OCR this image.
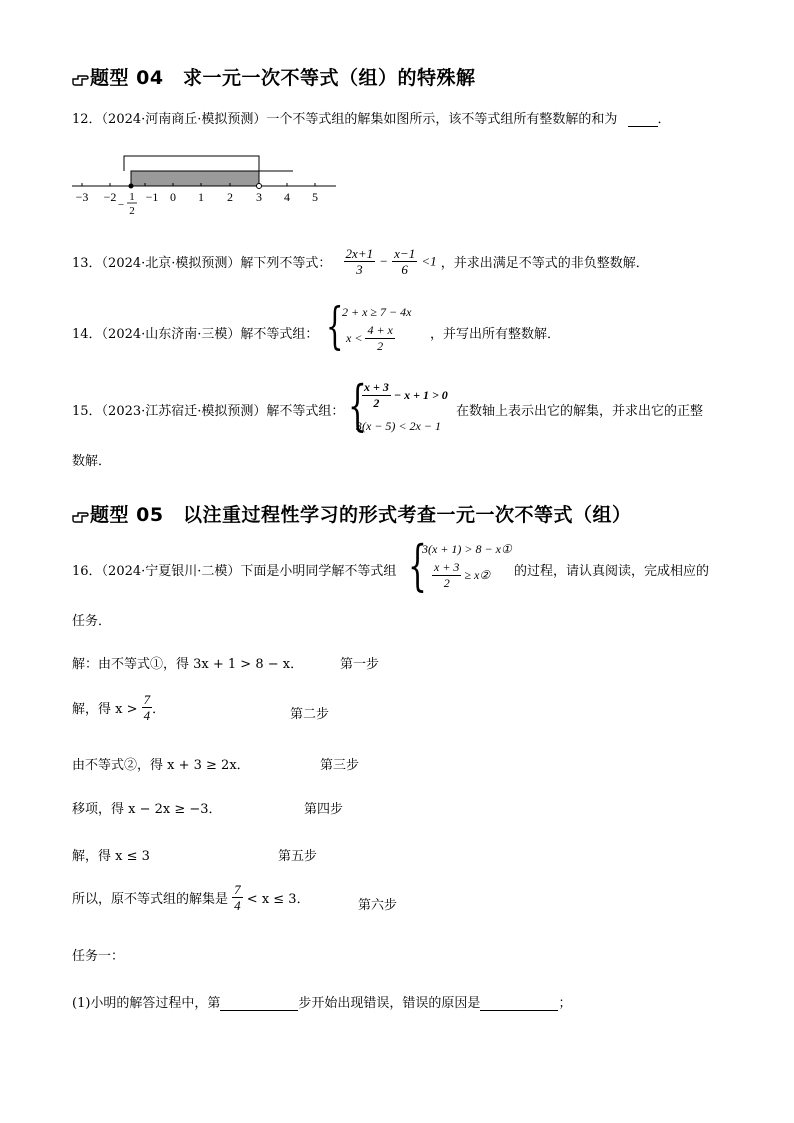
题型 04　求一元一次不等式（组）的特殊解
12．（2024·河南商丘·模拟预测）一个不等式组的解集如图所示，该不等式组所有整数解的和为	．
−3 −2 −1 0 1 2 3 4 5
−
1
2
13．（2024·北京·模拟预测）解下列不等式： $\frac{2x+1}{3} - \frac{x-1}{6} <1$ ，并求出满足不等式的非负整数解．
14．（2024·山东济南·三模）解不等式组： {
2 + x ≥ 7 − 4x
$x < \frac{4 + x}{2}$	，并写出所有整数解．
15．（2023·江苏宿迁·模拟预测）解不等式组： {
$\frac{x + 3}{2} - x + 1 > 0$
3(x − 5) < 2x − 1
在数轴上表示出它的解集，并求出它的正整
数解．
题型 05　以注重过程性学习的形式考查一元一次不等式（组）
16．（2024·宁夏银川·二模）下面是小明同学解不等式组 {
3(x + 1) > 8 − x①
$\frac{x + 3}{2}$ ≥ x② 的过程，请认真阅读，完成相应的
任务．
解：由不等式①，得 3x + 1 > 8 − x．	第一步
解，得 $x > \frac{7}{4}$ ．	第二步
由不等式②，得 x + 3 ≥ 2x．	第三步
移项，得 x − 2x ≥ −3．	第四步
解，得 x ≤ 3	第五步
所以，原不等式组的解集是 $\frac{7}{4} < x \le 3$．	第六步
任务一：
(1)小明的解答过程中，第	步开始出现错误，错误的原因是	；
